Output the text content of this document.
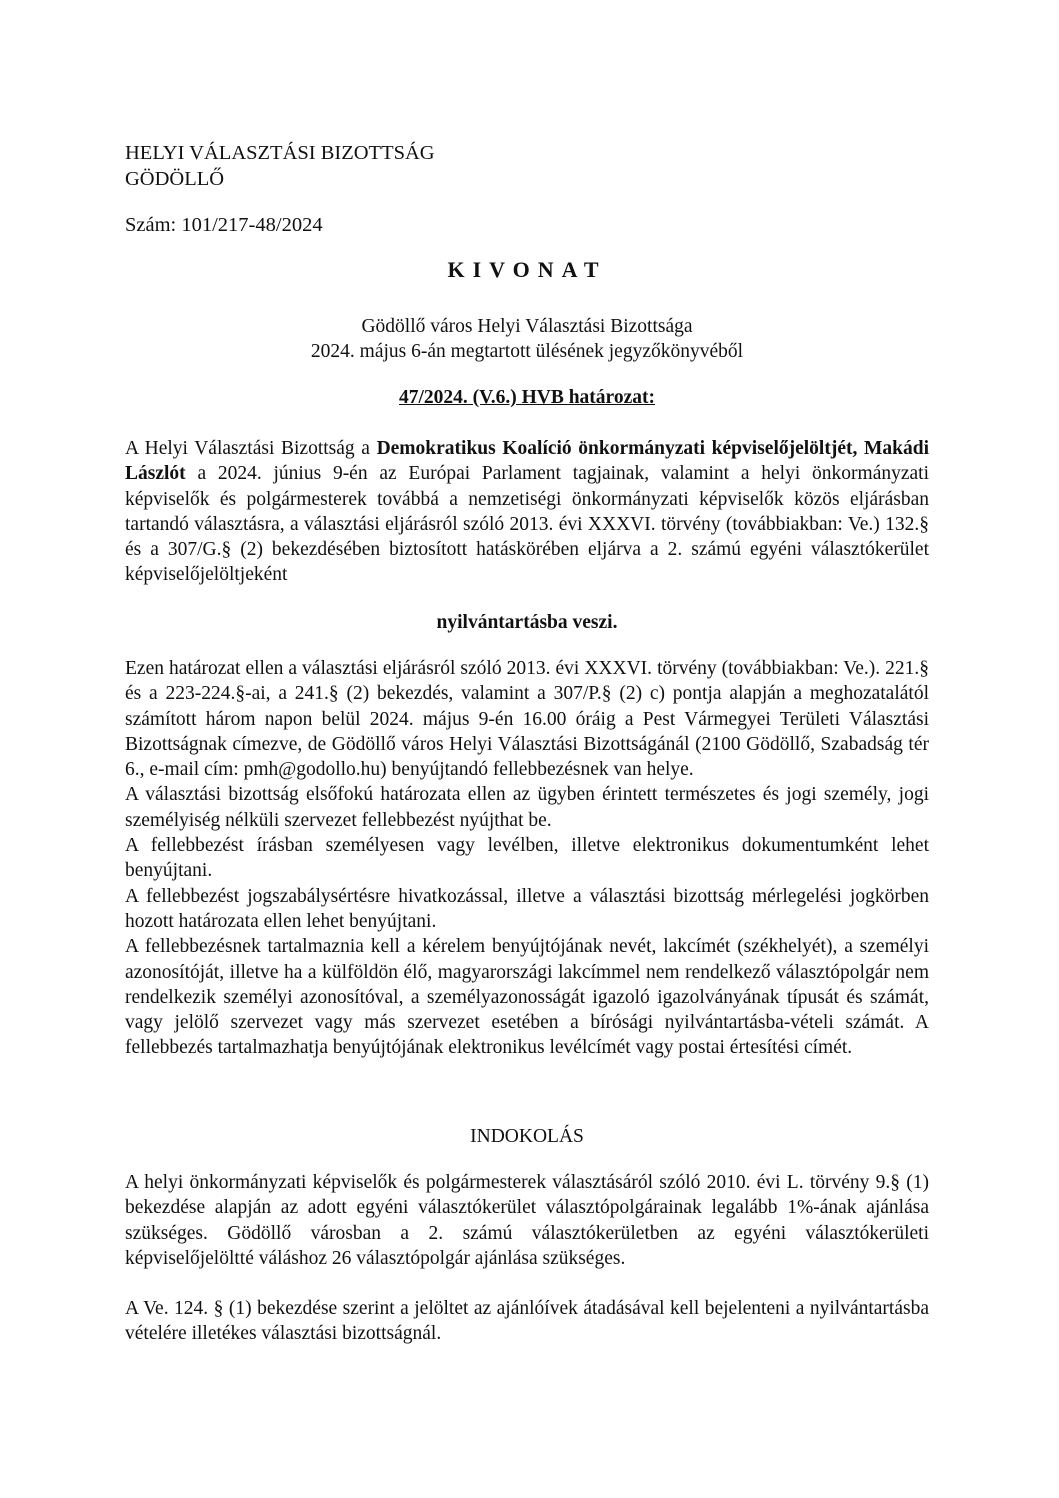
HELYI VÁLASZTÁSI BIZOTTSÁG
GÖDÖLLŐ
Szám: 101/217-48/2024
KIVONAT
Gödöllő város Helyi Választási Bizottsága
2024. május 6-án megtartott ülésének jegyzőkönyvéből
47/2024. (V.6.) HVB határozat:

A Helyi Választási Bizottság a Demokratikus Koalíció önkormányzati képviselőjelöltjét, Makádi Lászlót a 2024. június 9-én az Európai Parlament tagjainak, valamint a helyi önkormányzati képviselők és polgármesterek továbbá a nemzetiségi önkormányzati képviselők közös eljárásban tartandó választásra, a választási eljárásról szóló 2013. évi XXXVI. törvény (továbbiakban: Ve.) 132.§ és a 307/G.§ (2) bekezdésében biztosított hatáskörében eljárva a 2. számú egyéni választókerület képviselőjelöltjeként

nyilvántartásba veszi.

Ezen határozat ellen a választási eljárásról szóló 2013. évi XXXVI. törvény (továbbiakban: Ve.). 221.§ és a 223-224.§-ai, a 241.§ (2) bekezdés, valamint a 307/P.§ (2) c) pontja alapján a meghozatalától számított három napon belül 2024. május 9-én 16.00 óráig a Pest Vármegyei Területi Választási Bizottságnak címezve, de Gödöllő város Helyi Választási Bizottságánál (2100 Gödöllő, Szabadság tér 6., e-mail cím: pmh@godollo.hu) benyújtandó fellebbezésnek van helye.

A választási bizottság elsőfokú határozata ellen az ügyben érintett természetes és jogi személy, jogi személyiség nélküli szervezet fellebbezést nyújthat be.

A fellebbezést írásban személyesen vagy levélben, illetve elektronikus dokumentumként lehet benyújtani.

A fellebbezést jogszabálysértésre hivatkozással, illetve a választási bizottság mérlegelési jogkörben hozott határozata ellen lehet benyújtani.

A fellebbezésnek tartalmaznia kell a kérelem benyújtójának nevét, lakcímét (székhelyét), a személyi azonosítóját, illetve ha a külföldön élő, magyarországi lakcímmel nem rendelkező választópolgár nem rendelkezik személyi azonosítóval, a személyazonosságát igazoló igazolványának típusát és számát, vagy jelölő szervezet vagy más szervezet esetében a bírósági nyilvántartásba-vételi számát. A fellebbezés tartalmazhatja benyújtójának elektronikus levélcímét vagy postai értesítési címét.

INDOKOLÁS

A helyi önkormányzati képviselők és polgármesterek választásáról szóló 2010. évi L. törvény 9.§ (1) bekezdése alapján az adott egyéni választókerület választópolgárainak legalább 1%-ának ajánlása szükséges. Gödöllő városban a 2. számú választókerületben az egyéni választókerületi képviselőjelöltté váláshoz 26 választópolgár ajánlása szükséges.

A Ve. 124. § (1) bekezdése szerint a jelöltet az ajánlóívek átadásával kell bejelenteni a nyilvántartásba vételére illetékes választási bizottságnál.
